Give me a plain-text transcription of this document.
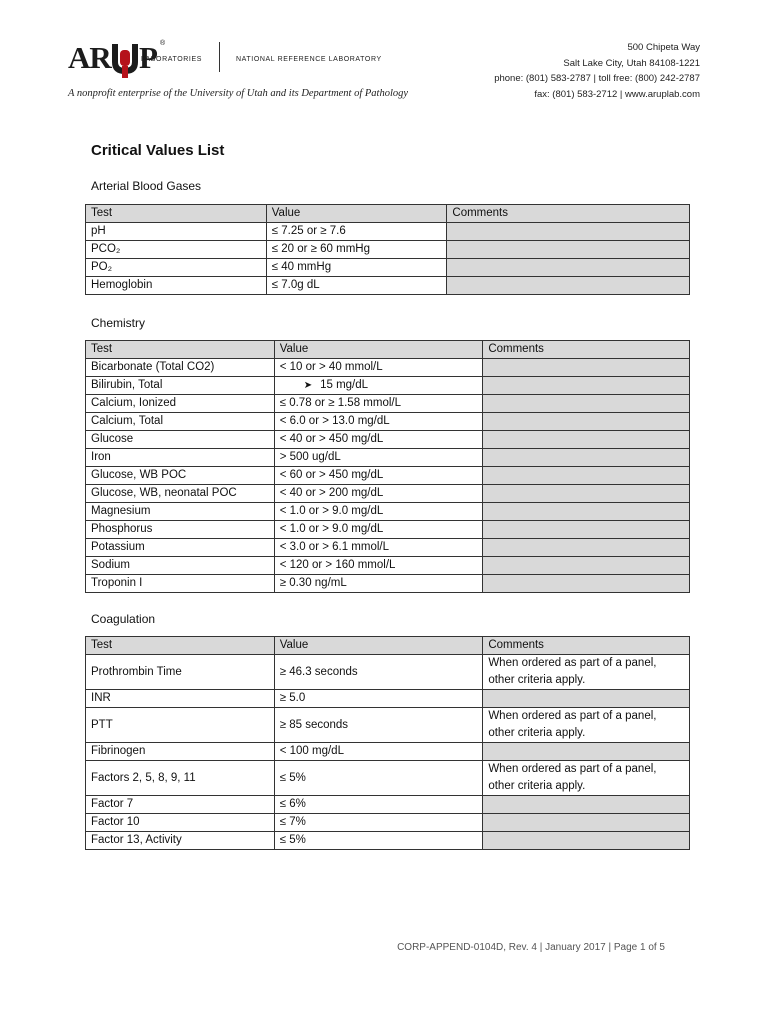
AR P ®
LABORATORIES	NATIONAL REFERENCE LABORATORY
A nonprofit enterprise of the University of Utah and its Department of Pathology
500 Chipeta Way
Salt Lake City, Utah 84108-1221
phone: (801) 583-2787 | toll free: (800) 242-2787
fax: (801) 583-2712 | www.aruplab.com
Critical Values List
Arterial Blood Gases
Test	Value	Comments
pH	≤ 7.25 or ≥ 7.6	
PCO₂	≤ 20 or ≥ 60 mmHg	
PO₂	≤ 40 mmHg	
Hemoglobin	≤ 7.0g dL	
Chemistry
Test	Value	Comments
Bicarbonate (Total CO2)	< 10 or > 40 mmol/L	
Bilirubin, Total	➤ 15 mg/dL	
Calcium, Ionized	≤ 0.78 or ≥ 1.58 mmol/L	
Calcium, Total	< 6.0 or > 13.0 mg/dL	
Glucose	< 40 or > 450 mg/dL	
Iron	> 500 ug/dL	
Glucose, WB POC	< 60 or > 450 mg/dL	
Glucose, WB, neonatal POC	< 40 or > 200 mg/dL	
Magnesium	< 1.0 or > 9.0 mg/dL	
Phosphorus	< 1.0 or > 9.0 mg/dL	
Potassium	< 3.0 or > 6.1 mmol/L	
Sodium	< 120 or > 160 mmol/L	
Troponin I	≥ 0.30 ng/mL	
Coagulation
Test	Value	Comments
Prothrombin Time	≥ 46.3 seconds	When ordered as part of a panel, other criteria apply.
INR	≥ 5.0	
PTT	≥ 85 seconds	When ordered as part of a panel, other criteria apply.
Fibrinogen	< 100 mg/dL	
Factors 2, 5, 8, 9, 11	≤ 5%	When ordered as part of a panel, other criteria apply.
Factor 7	≤ 6%	
Factor 10	≤ 7%	
Factor 13, Activity	≤ 5%	
CORP-APPEND-0104D, Rev. 4 | January 2017 | Page 1 of 5
